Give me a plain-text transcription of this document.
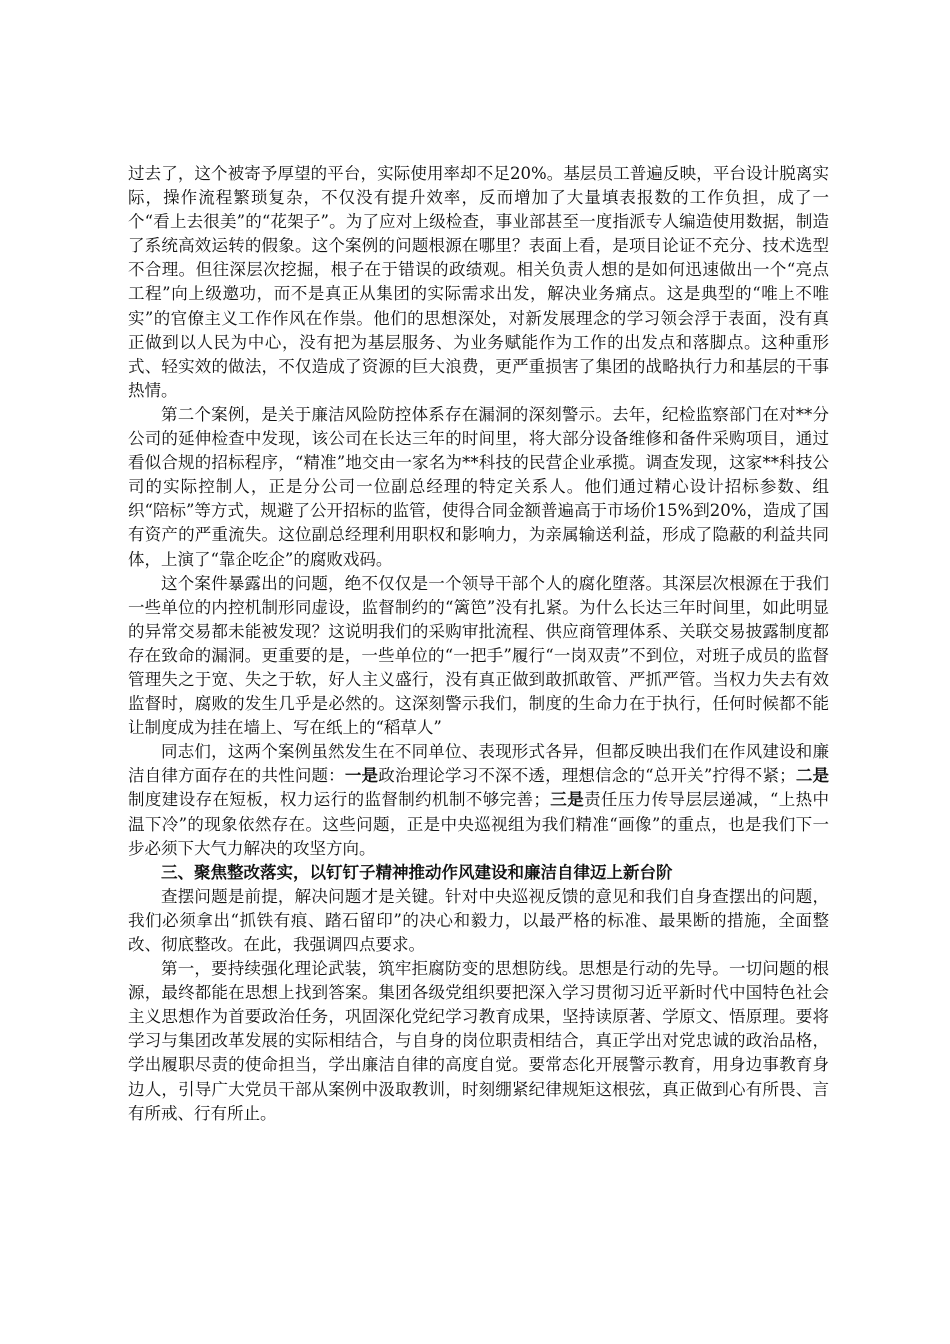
过去了，这个被寄予厚望的平台，实际使用率却不足20%。基层员工普遍反映，平台设计脱离实际，操作流程繁琐复杂，不仅没有提升效率，反而增加了大量填表报数的工作负担，成了一个“看上去很美”的“花架子”。为了应对上级检查，事业部甚至一度指派专人编造使用数据，制造了系统高效运转的假象。这个案例的问题根源在哪里？表面上看，是项目论证不充分、技术选型不合理。但往深层次挖掘，根子在于错误的政绩观。相关负责人想的是如何迅速做出一个“亮点工程”向上级邀功，而不是真正从集团的实际需求出发，解决业务痛点。这是典型的“唯上不唯实”的官僚主义工作作风在作祟。他们的思想深处，对新发展理念的学习领会浮于表面，没有真正做到以人民为中心，没有把为基层服务、为业务赋能作为工作的出发点和落脚点。这种重形式、轻实效的做法，不仅造成了资源的巨大浪费，更严重损害了集团的战略执行力和基层的干事热情。

第二个案例，是关于廉洁风险防控体系存在漏洞的深刻警示。去年，纪检监察部门在对**分公司的延伸检查中发现，该公司在长达三年的时间里，将大部分设备维修和备件采购项目，通过看似合规的招标程序，“精准”地交由一家名为**科技的民营企业承揽。调查发现，这家**科技公司的实际控制人，正是分公司一位副总经理的特定关系人。他们通过精心设计招标参数、组织“陪标”等方式，规避了公开招标的监管，使得合同金额普遍高于市场价15%到20%，造成了国有资产的严重流失。这位副总经理利用职权和影响力，为亲属输送利益，形成了隐蔽的利益共同体，上演了“靠企吃企”的腐败戏码。

这个案件暴露出的问题，绝不仅仅是一个领导干部个人的腐化堕落。其深层次根源在于我们一些单位的内控机制形同虚设，监督制约的“篱笆”没有扎紧。为什么长达三年时间里，如此明显的异常交易都未能被发现？这说明我们的采购审批流程、供应商管理体系、关联交易披露制度都存在致命的漏洞。更重要的是，一些单位的“一把手”履行“一岗双责”不到位，对班子成员的监督管理失之于宽、失之于软，好人主义盛行，没有真正做到敢抓敢管、严抓严管。当权力失去有效监督时，腐败的发生几乎是必然的。这深刻警示我们，制度的生命力在于执行，任何时候都不能让制度成为挂在墙上、写在纸上的“稻草人”

同志们，这两个案例虽然发生在不同单位、表现形式各异，但都反映出我们在作风建设和廉洁自律方面存在的共性问题：一是政治理论学习不深不透，理想信念的“总开关”拧得不紧；二是制度建设存在短板，权力运行的监督制约机制不够完善；三是责任压力传导层层递减，“上热中温下冷”的现象依然存在。这些问题，正是中央巡视组为我们精准“画像”的重点，也是我们下一步必须下大气力解决的攻坚方向。

三、聚焦整改落实，以钉钉子精神推动作风建设和廉洁自律迈上新台阶

查摆问题是前提，解决问题才是关键。针对中央巡视反馈的意见和我们自身查摆出的问题，我们必须拿出“抓铁有痕、踏石留印”的决心和毅力，以最严格的标准、最果断的措施，全面整改、彻底整改。在此，我强调四点要求。

第一，要持续强化理论武装，筑牢拒腐防变的思想防线。思想是行动的先导。一切问题的根源，最终都能在思想上找到答案。集团各级党组织要把深入学习贯彻习近平新时代中国特色社会主义思想作为首要政治任务，巩固深化党纪学习教育成果，坚持读原著、学原文、悟原理。要将学习与集团改革发展的实际相结合，与自身的岗位职责相结合，真正学出对党忠诚的政治品格，学出履职尽责的使命担当，学出廉洁自律的高度自觉。要常态化开展警示教育，用身边事教育身边人，引导广大党员干部从案例中汲取教训，时刻绷紧纪律规矩这根弦，真正做到心有所畏、言有所戒、行有所止。
